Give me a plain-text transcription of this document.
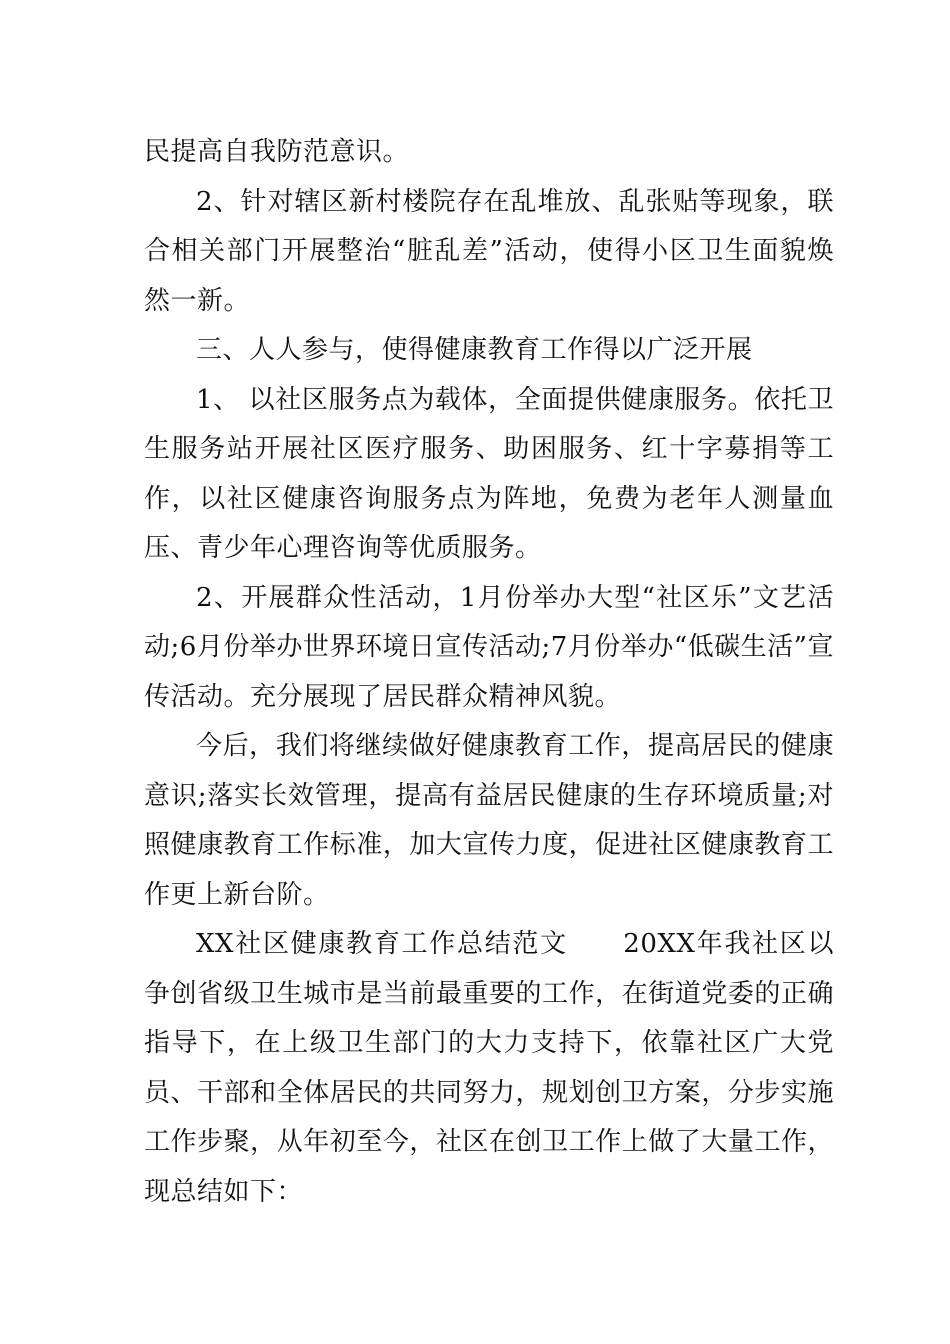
民提高自我防范意识。

2、针对辖区新村楼院存在乱堆放、乱张贴等现象，联合相关部门开展整治“脏乱差”活动，使得小区卫生面貌焕然一新。

三、人人参与，使得健康教育工作得以广泛开展

1、 以社区服务点为载体，全面提供健康服务。依托卫生服务站开展社区医疗服务、助困服务、红十字募捐等工作，以社区健康咨询服务点为阵地，免费为老年人测量血压、青少年心理咨询等优质服务。

2、开展群众性活动，1月份举办大型“社区乐”文艺活动;6月份举办世界环境日宣传活动;7月份举办“低碳生活”宣传活动。充分展现了居民群众精神风貌。

今后，我们将继续做好健康教育工作，提高居民的健康意识;落实长效管理，提高有益居民健康的生存环境质量;对照健康教育工作标准，加大宣传力度，促进社区健康教育工作更上新台阶。

XX社区健康教育工作总结范文　　20XX年我社区以争创省级卫生城市是当前最重要的工作，在街道党委的正确指导下，在上级卫生部门的大力支持下，依靠社区广大党员、干部和全体居民的共同努力，规划创卫方案，分步实施工作步聚，从年初至今，社区在创卫工作上做了大量工作，现总结如下：
